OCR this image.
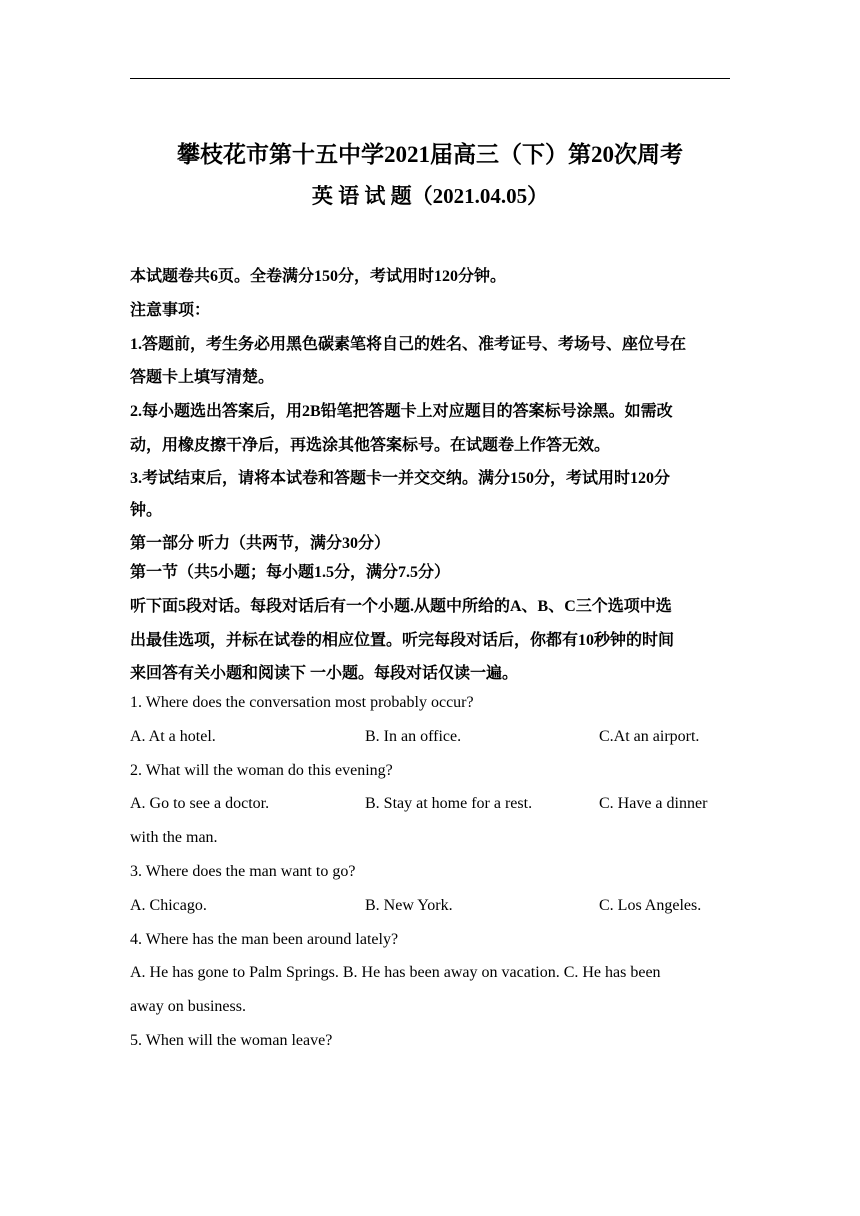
攀枝花市第十五中学2021届高三（下）第20次周考
英 语 试 题（2021.04.05）
本试题卷共6页。全卷满分150分，考试用时120分钟。
注意事项：
1.答题前，考生务必用黑色碳素笔将自己的姓名、准考证号、考场号、座位号在
答题卡上填写清楚。
2.每小题选出答案后，用2B铅笔把答题卡上对应题目的答案标号涂黑。如需改
动，用橡皮擦干净后，再选涂其他答案标号。在试题卷上作答无效。
3.考试结束后，请将本试卷和答题卡一并交交纳。满分150分，考试用时120分
钟。
第一部分 听力（共两节，满分30分）
第一节（共5小题；每小题1.5分，满分7.5分）
听下面5段对话。每段对话后有一个小题.从题中所给的A、B、C三个选项中选
出最佳选项，并标在试卷的相应位置。听完每段对话后，你都有10秒钟的时间
来回答有关小题和阅读下 一小题。每段对话仅读一遍。
1. Where does the conversation most probably occur?
A. At a hotel.	B. In an office.	C.At an airport.
2. What will the woman do this evening?
A. Go to see a doctor.	B. Stay at home for a rest.	C. Have a dinner
with the man.
3. Where does the man want to go?
A. Chicago.	B. New York.	C. Los Angeles.
4. Where has the man been around lately?
A. He has gone to Palm Springs. B. He has been away on vacation. C. He has been
away on business.
5. When will the woman leave?
